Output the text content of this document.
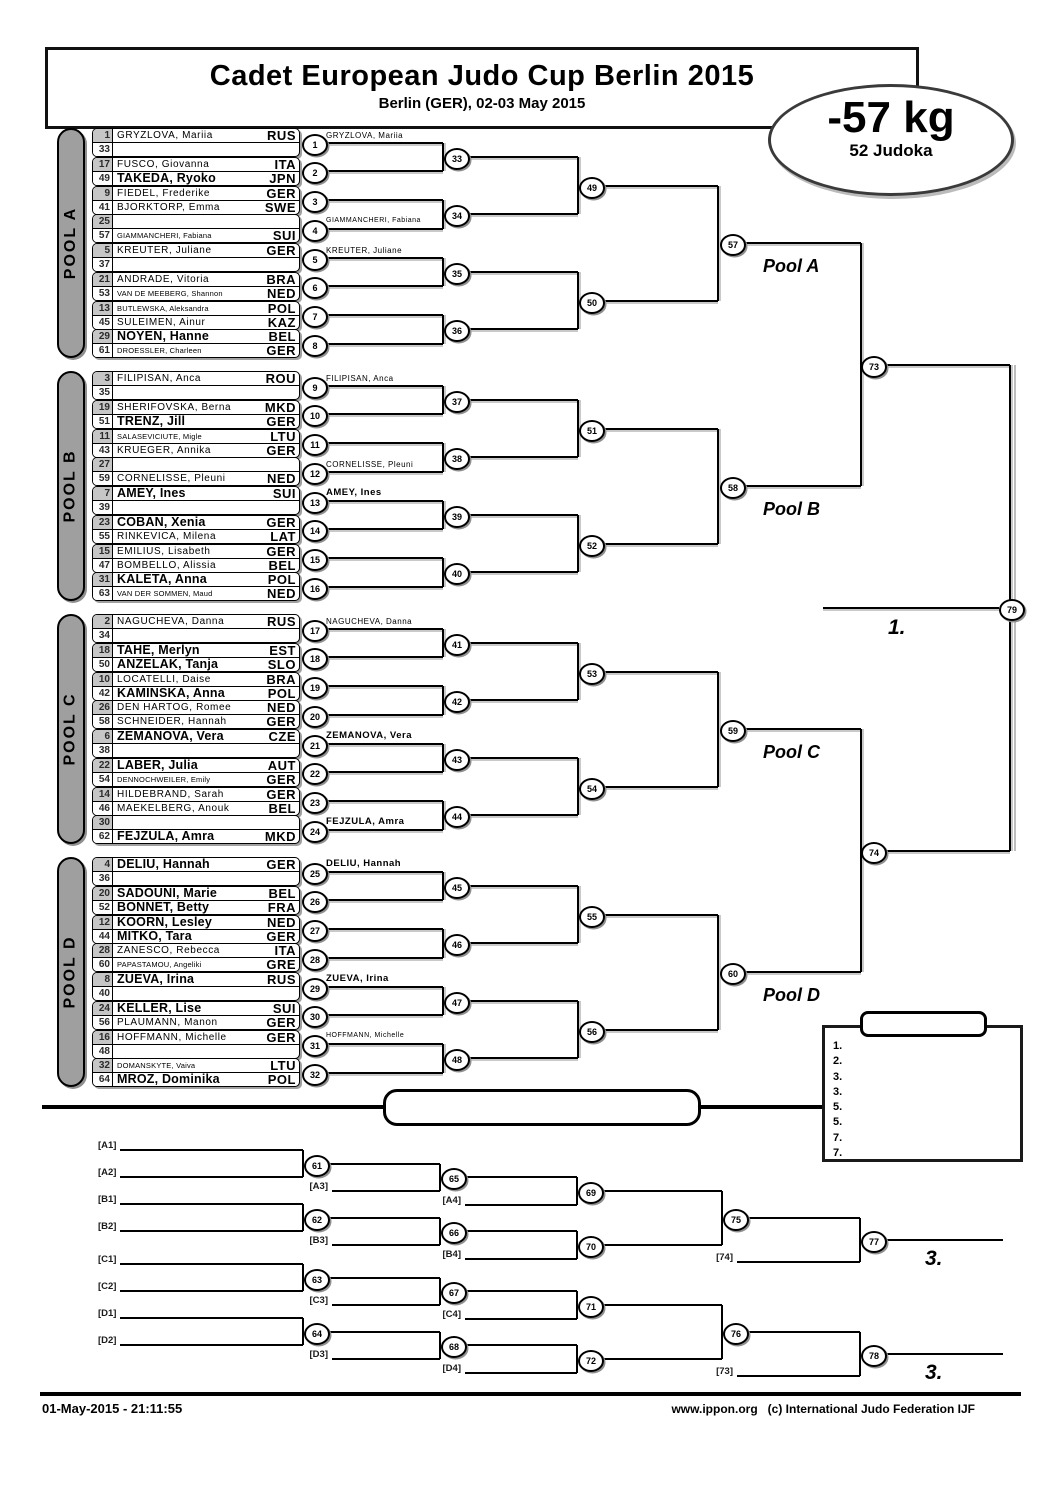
Cadet European Judo Cup Berlin 2015
Berlin (GER), 02-03 May 2015	-57 kg
52 Judoka
POOL A
1 GRYZLOVA, Mariia	RUS
33	1
GRYZLOVA, Mariia
17 FUSCO, Giovanna	ITA
49 TAKEDA, Ryoko	JPN	2
9 FIEDEL, Frederike	GER
41 BJORKTORP, Emma	SWE	3
25
57 GIAMMANCHERI, Fabiana	SUI	4
GIAMMANCHERI, Fabiana
5 KREUTER, Juliane	GER
37	5
KREUTER, Juliane
21 ANDRADE, Vitoria	BRA
53 VAN DE MEEBERG, Shannon	NED	6
13 BUTLEWSKA, Aleksandra	POL
45 SULEIMEN, Ainur	KAZ	7
29 NOYEN, Hanne	BEL
61 DROESSLER, Charleen	GER	8
33
34
35
36
49
50
57
Pool A
POOL B
3 FILIPISAN, Anca	ROU
35	9
FILIPISAN, Anca
19 SHERIFOVSKA, Berna	MKD
51 TRENZ, Jill	GER	10
11 SALASEVICIUTE, Migle	LTU
43 KRUEGER, Annika	GER	11
27
59 CORNELISSE, Pleuni	NED	12
CORNELISSE, Pleuni
7 AMEY, Ines	SUI
39	13
AMEY, Ines
23 COBAN, Xenia	GER
55 RINKEVICA, Milena	LAT	14
15 EMILIUS, Lisabeth	GER
47 BOMBELLO, Alissia	BEL	15
31 KALETA, Anna	POL
63 VAN DER SOMMEN, Maud	NED	16
37
38
39
40
51
52
58
Pool B
POOL C
2 NAGUCHEVA, Danna	RUS
34	17
NAGUCHEVA, Danna
18 TAHE, Merlyn	EST
50 ANZELAK, Tanja	SLO	18
10 LOCATELLI, Daise	BRA
42 KAMINSKA, Anna	POL	19
26 DEN HARTOG, Romee	NED
58 SCHNEIDER, Hannah	GER	20
6 ZEMANOVA, Vera	CZE
38	21
ZEMANOVA, Vera
22 LABER, Julia	AUT
54 DENNOCHWEILER, Emily	GER	22
14 HILDEBRAND, Sarah	GER
46 MAEKELBERG, Anouk	BEL	23
30
62 FEJZULA, Amra	MKD	24
FEJZULA, Amra
41
42
43
44
53
54
59
Pool C
POOL D
4 DELIU, Hannah	GER
36	25
DELIU, Hannah
20 SADOUNI, Marie	BEL
52 BONNET, Betty	FRA	26
12 KOORN, Lesley	NED
44 MITKO, Tara	GER	27
28 ZANESCO, Rebecca	ITA
60 PAPASTAMOU, Angeliki	GRE	28
8 ZUEVA, Irina	RUS
40	29
ZUEVA, Irina
24 KELLER, Lise	SUI
56 PLAUMANN, Manon	GER	30
16 HOFFMANN, Michelle	GER
48	31
HOFFMANN, Michelle
32 DOMANSKYTE, Vaiva	LTU
64 MROZ, Dominika	POL	32
45
46
47
48
55
56
60
Pool D
73
74
79
1.
1.
2.
3.
3.
5.
5.
7.
7.
[A1]
[A2]
61
[A3]
65
[A4]
69
[B1]
[B2]
62
[B3]
66
[B4]
70
[C1]
[C2]
63
[C3]
67
[C4]
71
[D1]
[D2]
64
[D3]
68
[D4]
72
75
[74]
77
3.
76
[73]
78
3.
01-May-2015 - 21:11:55	www.ippon.org   (c) International Judo Federation IJF
